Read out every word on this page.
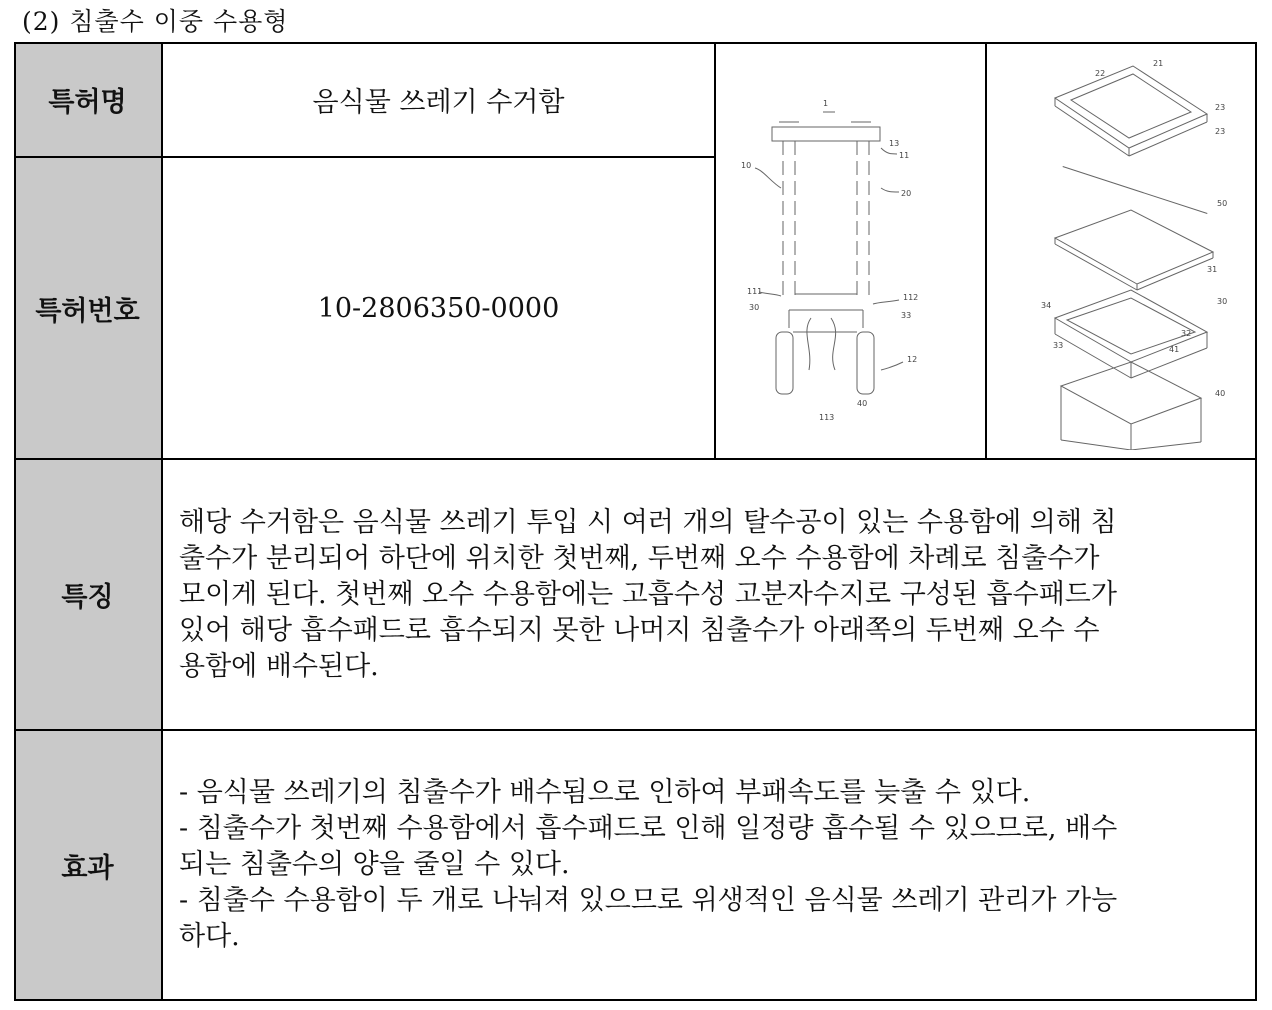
(2) 침출수 이중 수용형
특허명	음식물 쓰레기 수거함
특허번호	10-2806350-0000
1
13
11
20
10
111
112
30
33
12
40
113
22
21
23
23
50
31
34	30
33
32
41
40
특징

해당 수거함은 음식물 쓰레기 투입 시 여러 개의 탈수공이 있는 수용함에 의해 침

출수가 분리되어 하단에 위치한 첫번째, 두번째 오수 수용함에 차례로 침출수가

모이게 된다. 첫번째 오수 수용함에는 고흡수성 고분자수지로 구성된 흡수패드가

있어 해당 흡수패드로 흡수되지 못한 나머지 침출수가 아래쪽의 두번째 오수 수

용함에 배수된다.

효과

- 음식물 쓰레기의 침출수가 배수됨으로 인하여 부패속도를 늦출 수 있다.

- 침출수가 첫번째 수용함에서 흡수패드로 인해 일정량 흡수될 수 있으므로, 배수

되는 침출수의 양을 줄일 수 있다.

- 침출수 수용함이 두 개로 나눠져 있으므로 위생적인 음식물 쓰레기 관리가 가능

하다.
